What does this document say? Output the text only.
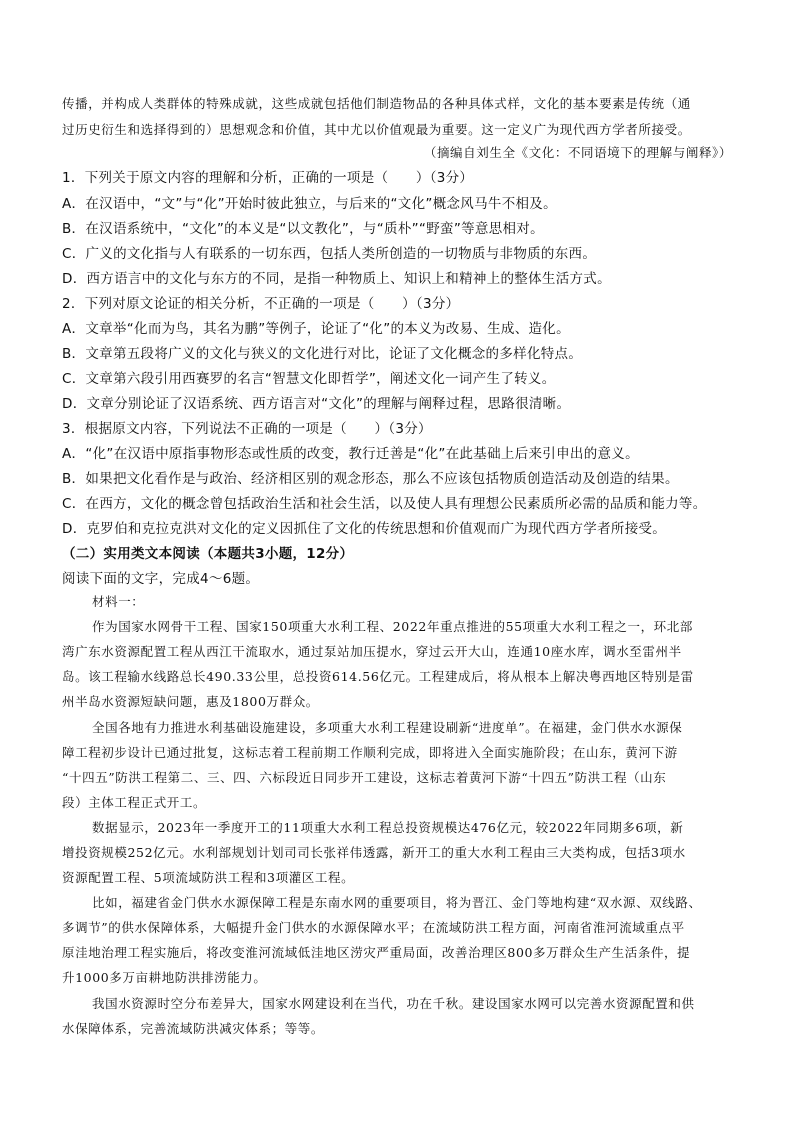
传播，并构成人类群体的特殊成就，这些成就包括他们制造物品的各种具体式样，文化的基本要素是传统（通
过历史衍生和选择得到的）思想观念和价值，其中尤以价值观最为重要。这一定义广为现代西方学者所接受。
（摘编自刘生全《文化：不同语境下的理解与阐释》）
1．下列关于原文内容的理解和分析，正确的一项是（　　）（3分）
A．在汉语中，“文”与“化”开始时彼此独立，与后来的“文化”概念风马牛不相及。
B．在汉语系统中，“文化”的本义是“以文教化”，与“质朴”“野蛮”等意思相对。
C．广义的文化指与人有联系的一切东西，包括人类所创造的一切物质与非物质的东西。
D．西方语言中的文化与东方的不同，是指一种物质上、知识上和精神上的整体生活方式。
2．下列对原文论证的相关分析，不正确的一项是（　　）（3分）
A．文章举“化而为鸟，其名为鹏”等例子，论证了“化”的本义为改易、生成、造化。
B．文章第五段将广义的文化与狭义的文化进行对比，论证了文化概念的多样化特点。
C．文章第六段引用西赛罗的名言“智慧文化即哲学”，阐述文化一词产生了转义。
D．文章分别论证了汉语系统、西方语言对“文化”的理解与阐释过程，思路很清晰。
3．根据原文内容，下列说法不正确的一项是（　　）（3分）
A．“化”在汉语中原指事物形态或性质的改变，教行迁善是“化”在此基础上后来引申出的意义。
B．如果把文化看作是与政治、经济相区别的观念形态，那么不应该包括物质创造活动及创造的结果。
C．在西方，文化的概念曾包括政治生活和社会生活，以及使人具有理想公民素质所必需的品质和能力等。
D．克罗伯和克拉克洪对文化的定义因抓住了文化的传统思想和价值观而广为现代西方学者所接受。
（二）实用类文本阅读（本题共3小题，12分）
阅读下面的文字，完成4～6题。
材料一：
作为国家水网骨干工程、国家150项重大水利工程、2022年重点推进的55项重大水利工程之一，环北部
湾广东水资源配置工程从西江干流取水，通过泵站加压提水，穿过云开大山，连通10座水库，调水至雷州半
岛。该工程输水线路总长490.33公里，总投资614.56亿元。工程建成后，将从根本上解决粤西地区特别是雷
州半岛水资源短缺问题，惠及1800万群众。
全国各地有力推进水利基础设施建设，多项重大水利工程建设刷新“进度单”。在福建，金门供水水源保
障工程初步设计已通过批复，这标志着工程前期工作顺利完成，即将进入全面实施阶段；在山东，黄河下游
“十四五”防洪工程第二、三、四、六标段近日同步开工建设，这标志着黄河下游“十四五”防洪工程（山东
段）主体工程正式开工。
数据显示，2023年一季度开工的11项重大水利工程总投资规模达476亿元，较2022年同期多6项，新
增投资规模252亿元。水利部规划计划司司长张祥伟透露，新开工的重大水利工程由三大类构成，包括3项水
资源配置工程、5项流域防洪工程和3项灌区工程。
比如，福建省金门供水水源保障工程是东南水网的重要项目，将为晋江、金门等地构建“双水源、双线路、
多调节”的供水保障体系，大幅提升金门供水的水源保障水平；在流域防洪工程方面，河南省淮河流域重点平
原洼地治理工程实施后，将改变淮河流域低洼地区涝灾严重局面，改善治理区800多万群众生产生活条件，提
升1000多万亩耕地防洪排涝能力。
我国水资源时空分布差异大，国家水网建设利在当代，功在千秋。建设国家水网可以完善水资源配置和供
水保障体系，完善流域防洪减灾体系；等等。
